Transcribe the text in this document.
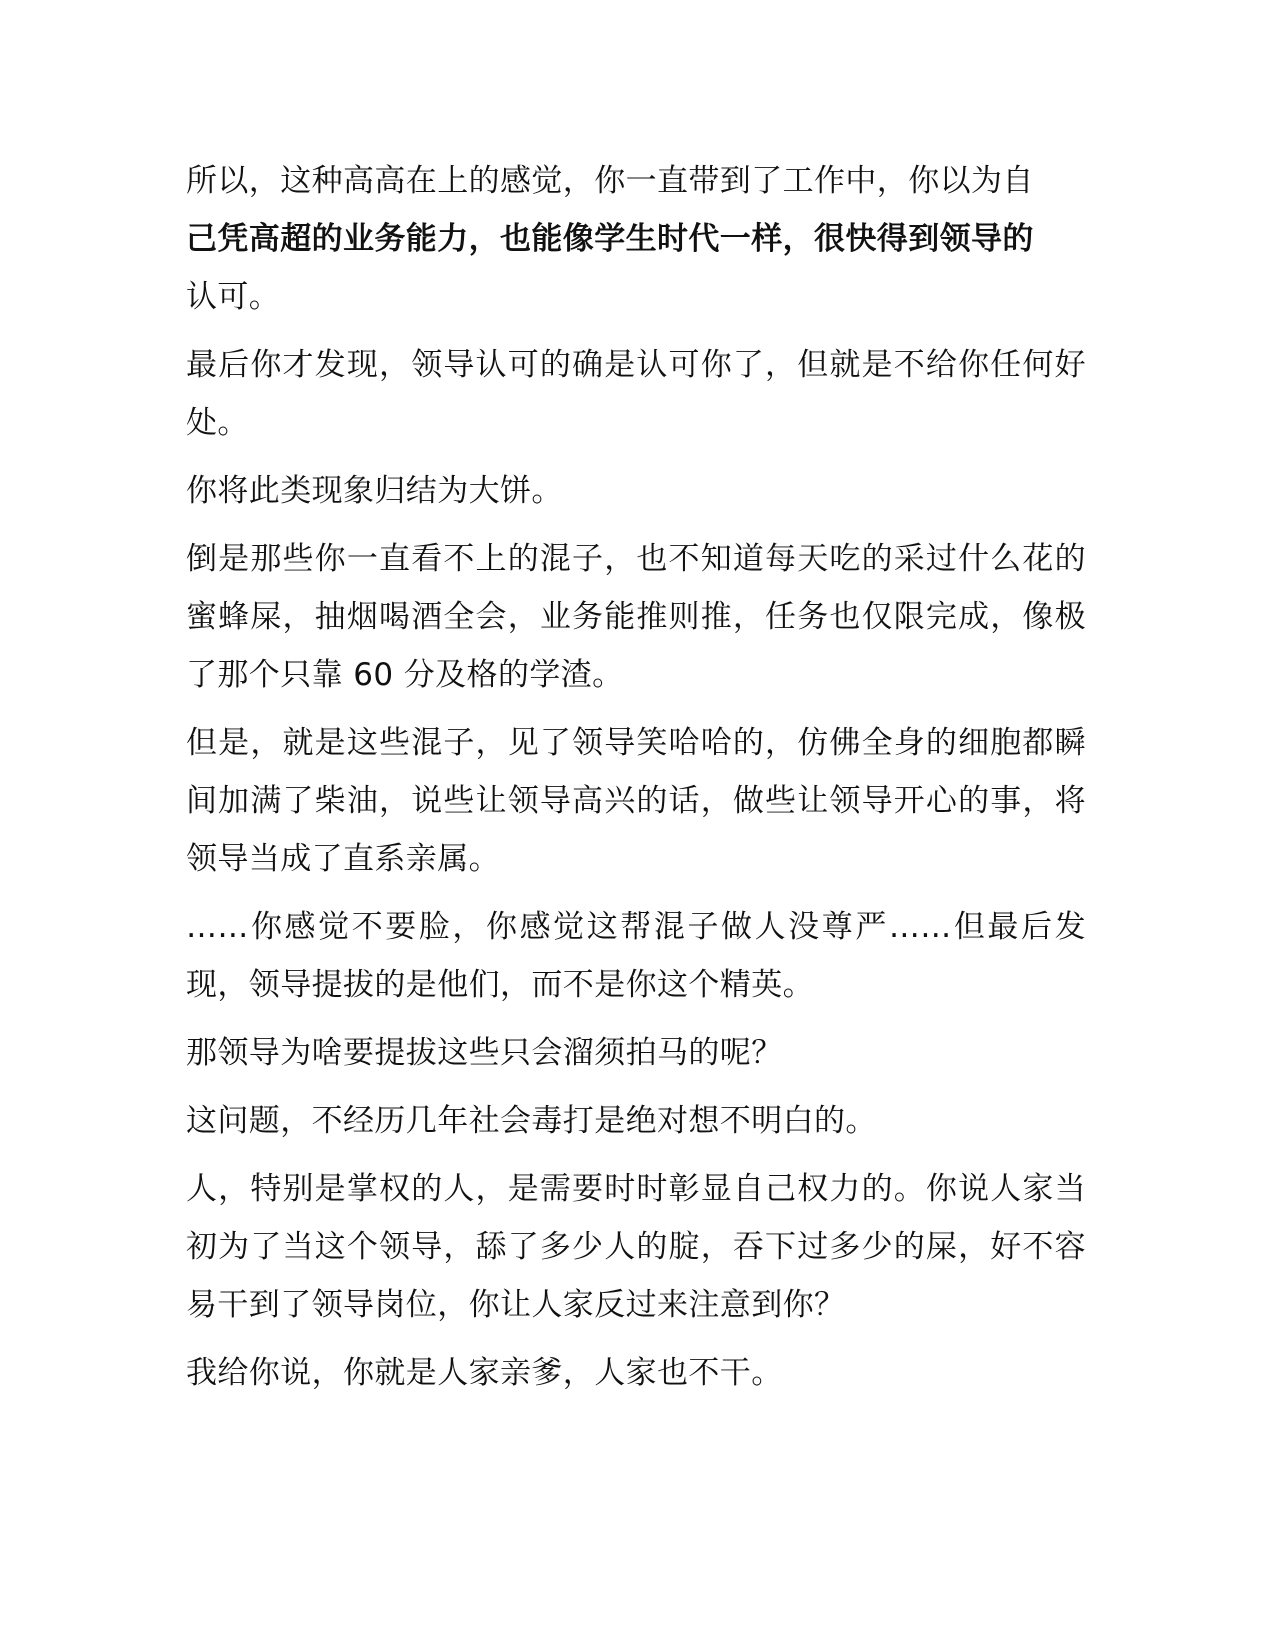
所以，这种高高在上的感觉，你一直带到了工作中，你以为自
己凭高超的业务能力，也能像学生时代一样，很快得到领导的
认可。

最后你才发现，领导认可的确是认可你了，但就是不给你任何好处。

你将此类现象归结为大饼。

倒是那些你一直看不上的混子，也不知道每天吃的采过什么花的蜜蜂屎，抽烟喝酒全会，业务能推则推，任务也仅限完成，像极了那个只靠 60 分及格的学渣。

但是，就是这些混子，见了领导笑哈哈的，仿佛全身的细胞都瞬间加满了柴油，说些让领导高兴的话，做些让领导开心的事，将领导当成了直系亲属。

……你感觉不要脸，你感觉这帮混子做人没尊严……但最后发现，领导提拔的是他们，而不是你这个精英。

那领导为啥要提拔这些只会溜须拍马的呢？

这问题，不经历几年社会毒打是绝对想不明白的。

人，特别是掌权的人，是需要时时彰显自己权力的。你说人家当初为了当这个领导，舔了多少人的腚，吞下过多少的屎，好不容易干到了领导岗位，你让人家反过来注意到你？

我给你说，你就是人家亲爹，人家也不干。
